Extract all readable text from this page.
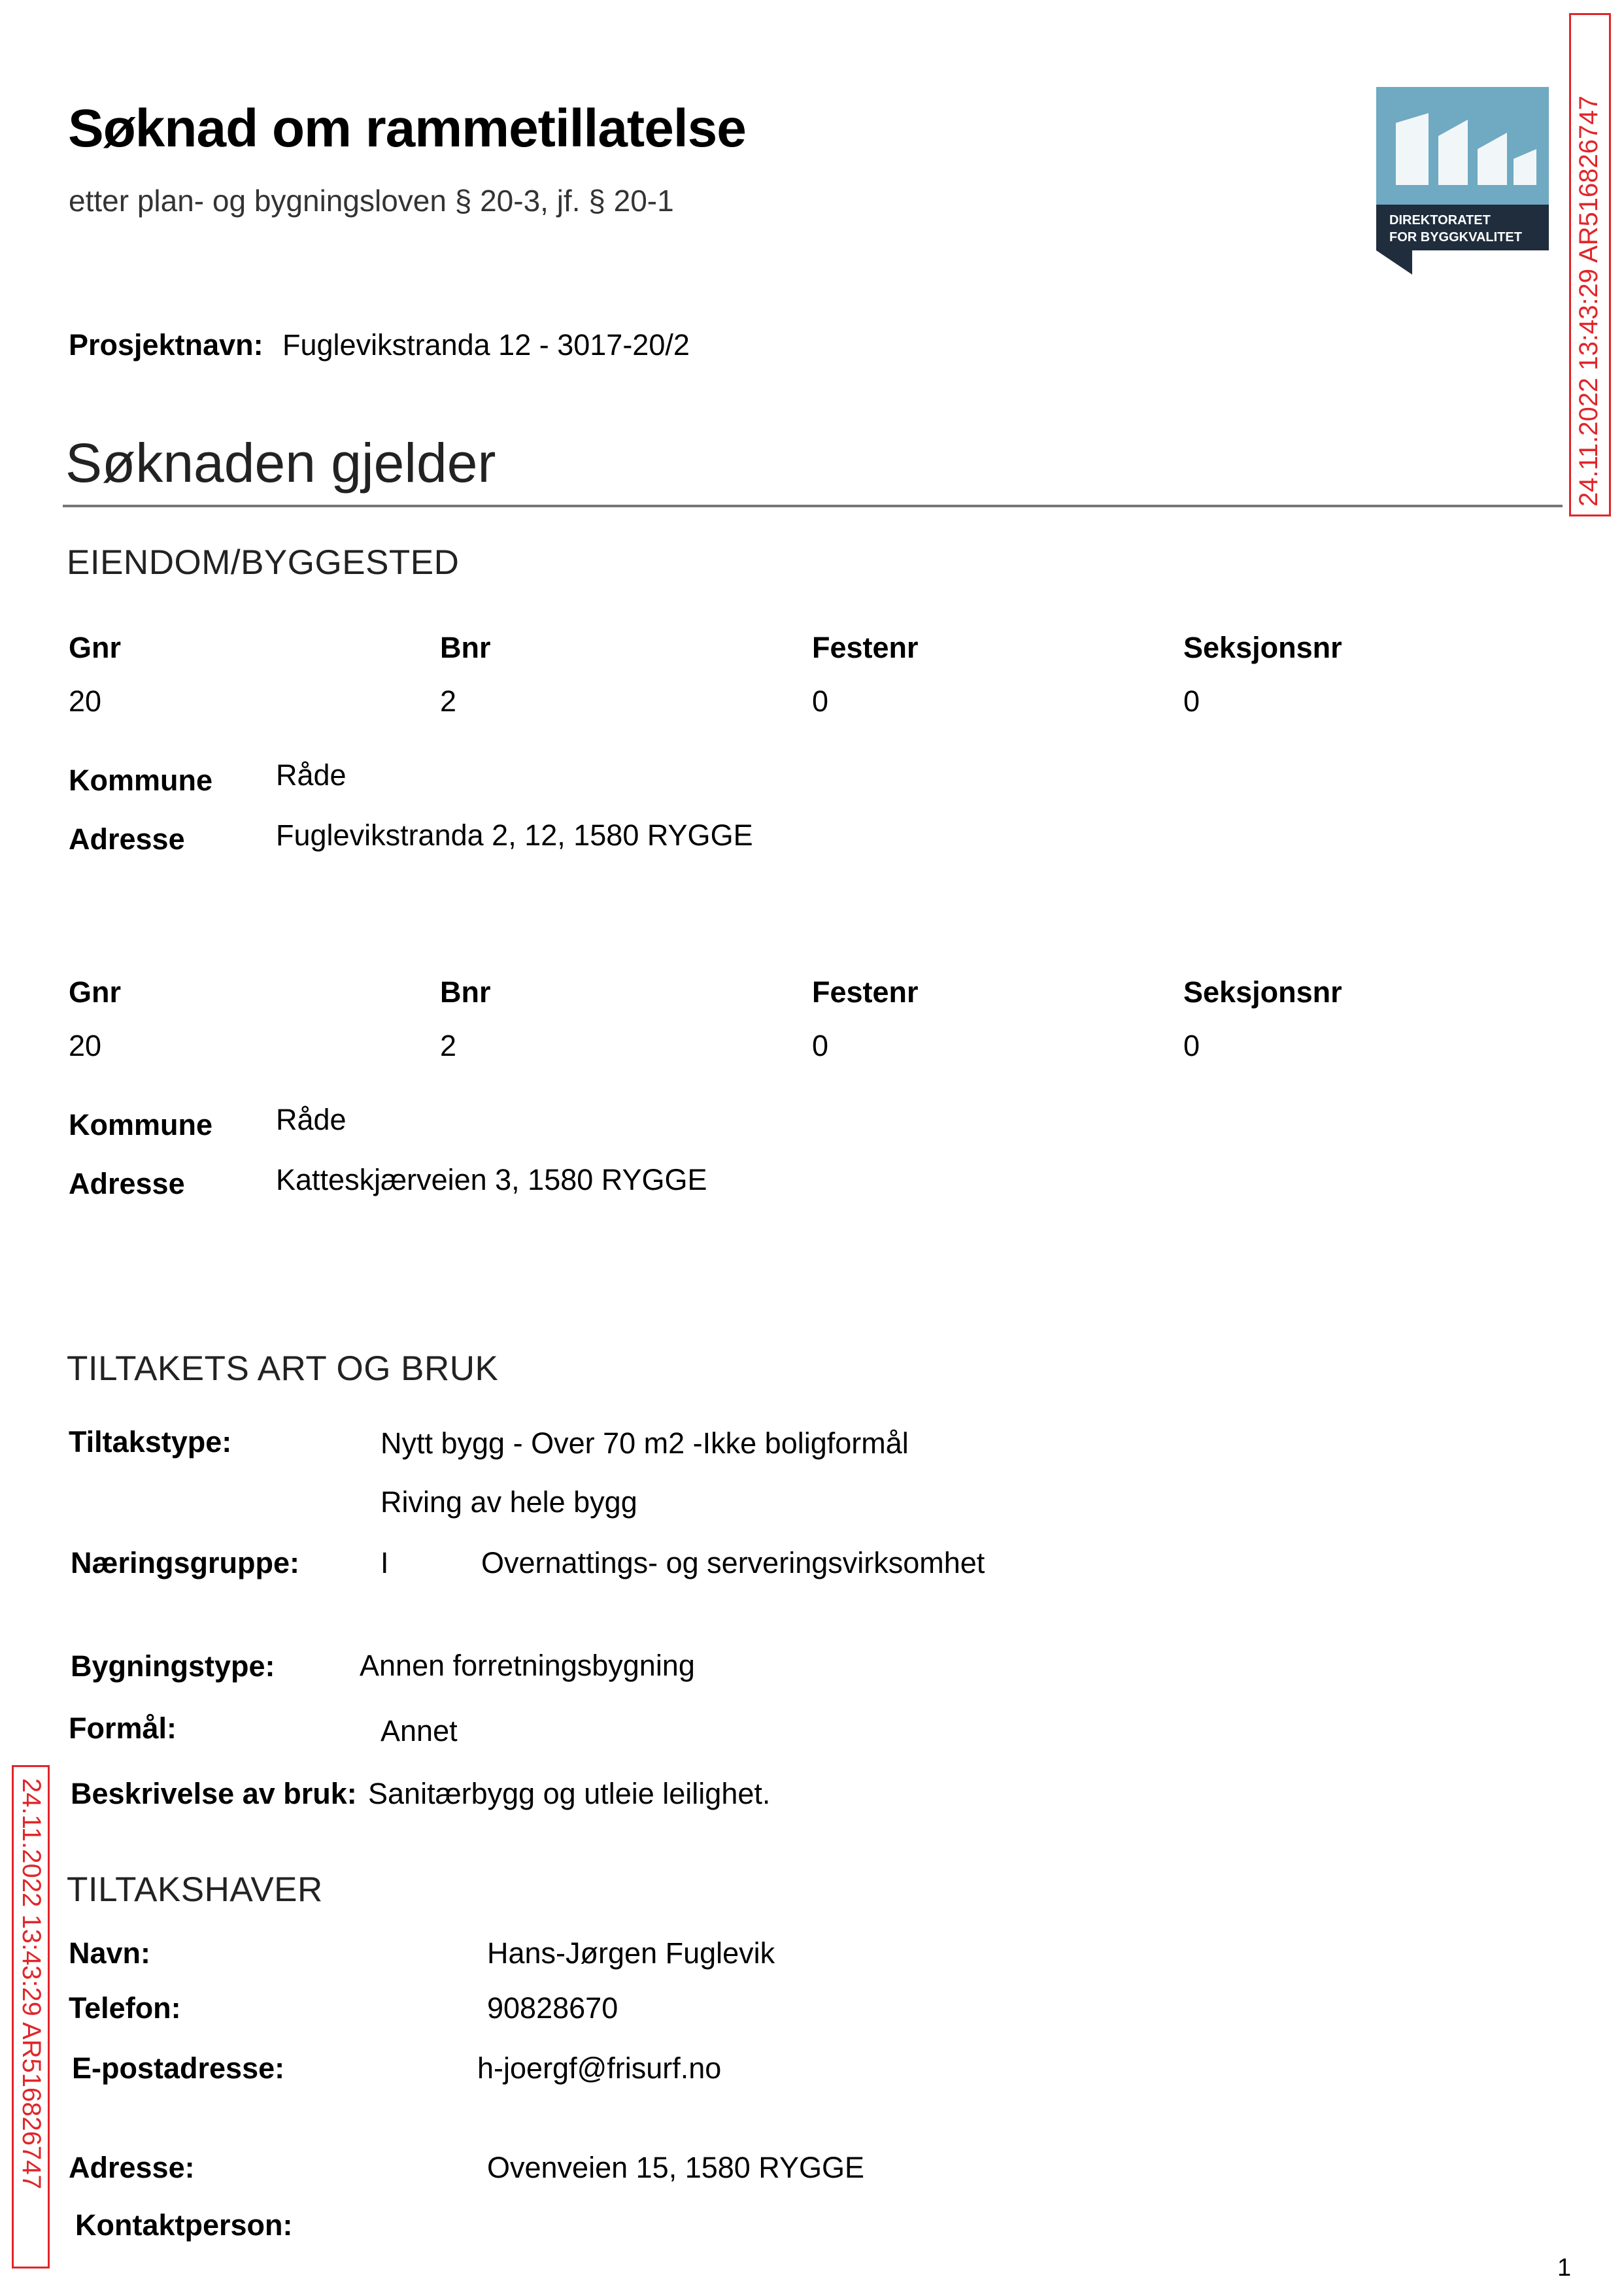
Søknad om rammetillatelse
etter plan- og bygningsloven § 20-3, jf. § 20-1
DIREKTORATET
FOR BYGGKVALITET 24.11.2022 13:43:29 AR516826747
24.11.2022 13:43:29 AR516826747
Prosjektnavn: Fuglevikstranda 12 - 3017-20/2
Søknaden gjelder
EIENDOM/BYGGESTED
Gnr	Bnr	Festenr	Seksjonsnr
20	2	0	0
Kommune Råde
Adresse	Fuglevikstranda 2, 12, 1580 RYGGE
Gnr	Bnr	Festenr	Seksjonsnr
20	2	0	0
Kommune Råde
Adresse	Katteskjærveien 3, 1580 RYGGE
TILTAKETS ART OG BRUK
Tiltakstype:	Nytt bygg - Over 70 m2 -Ikke boligformål
Riving av hele bygg
Næringsgruppe:	I	Overnattings- og serveringsvirksomhet
Bygningstype:	Annen forretningsbygning
Formål:	Annet
Beskrivelse av bruk: Sanitærbygg og utleie leilighet.
TILTAKSHAVER
Navn:	Hans-Jørgen Fuglevik
Telefon:	90828670
E-postadresse:	h-joergf@frisurf.no
Adresse:	Ovenveien 15, 1580 RYGGE
Kontaktperson:
1
